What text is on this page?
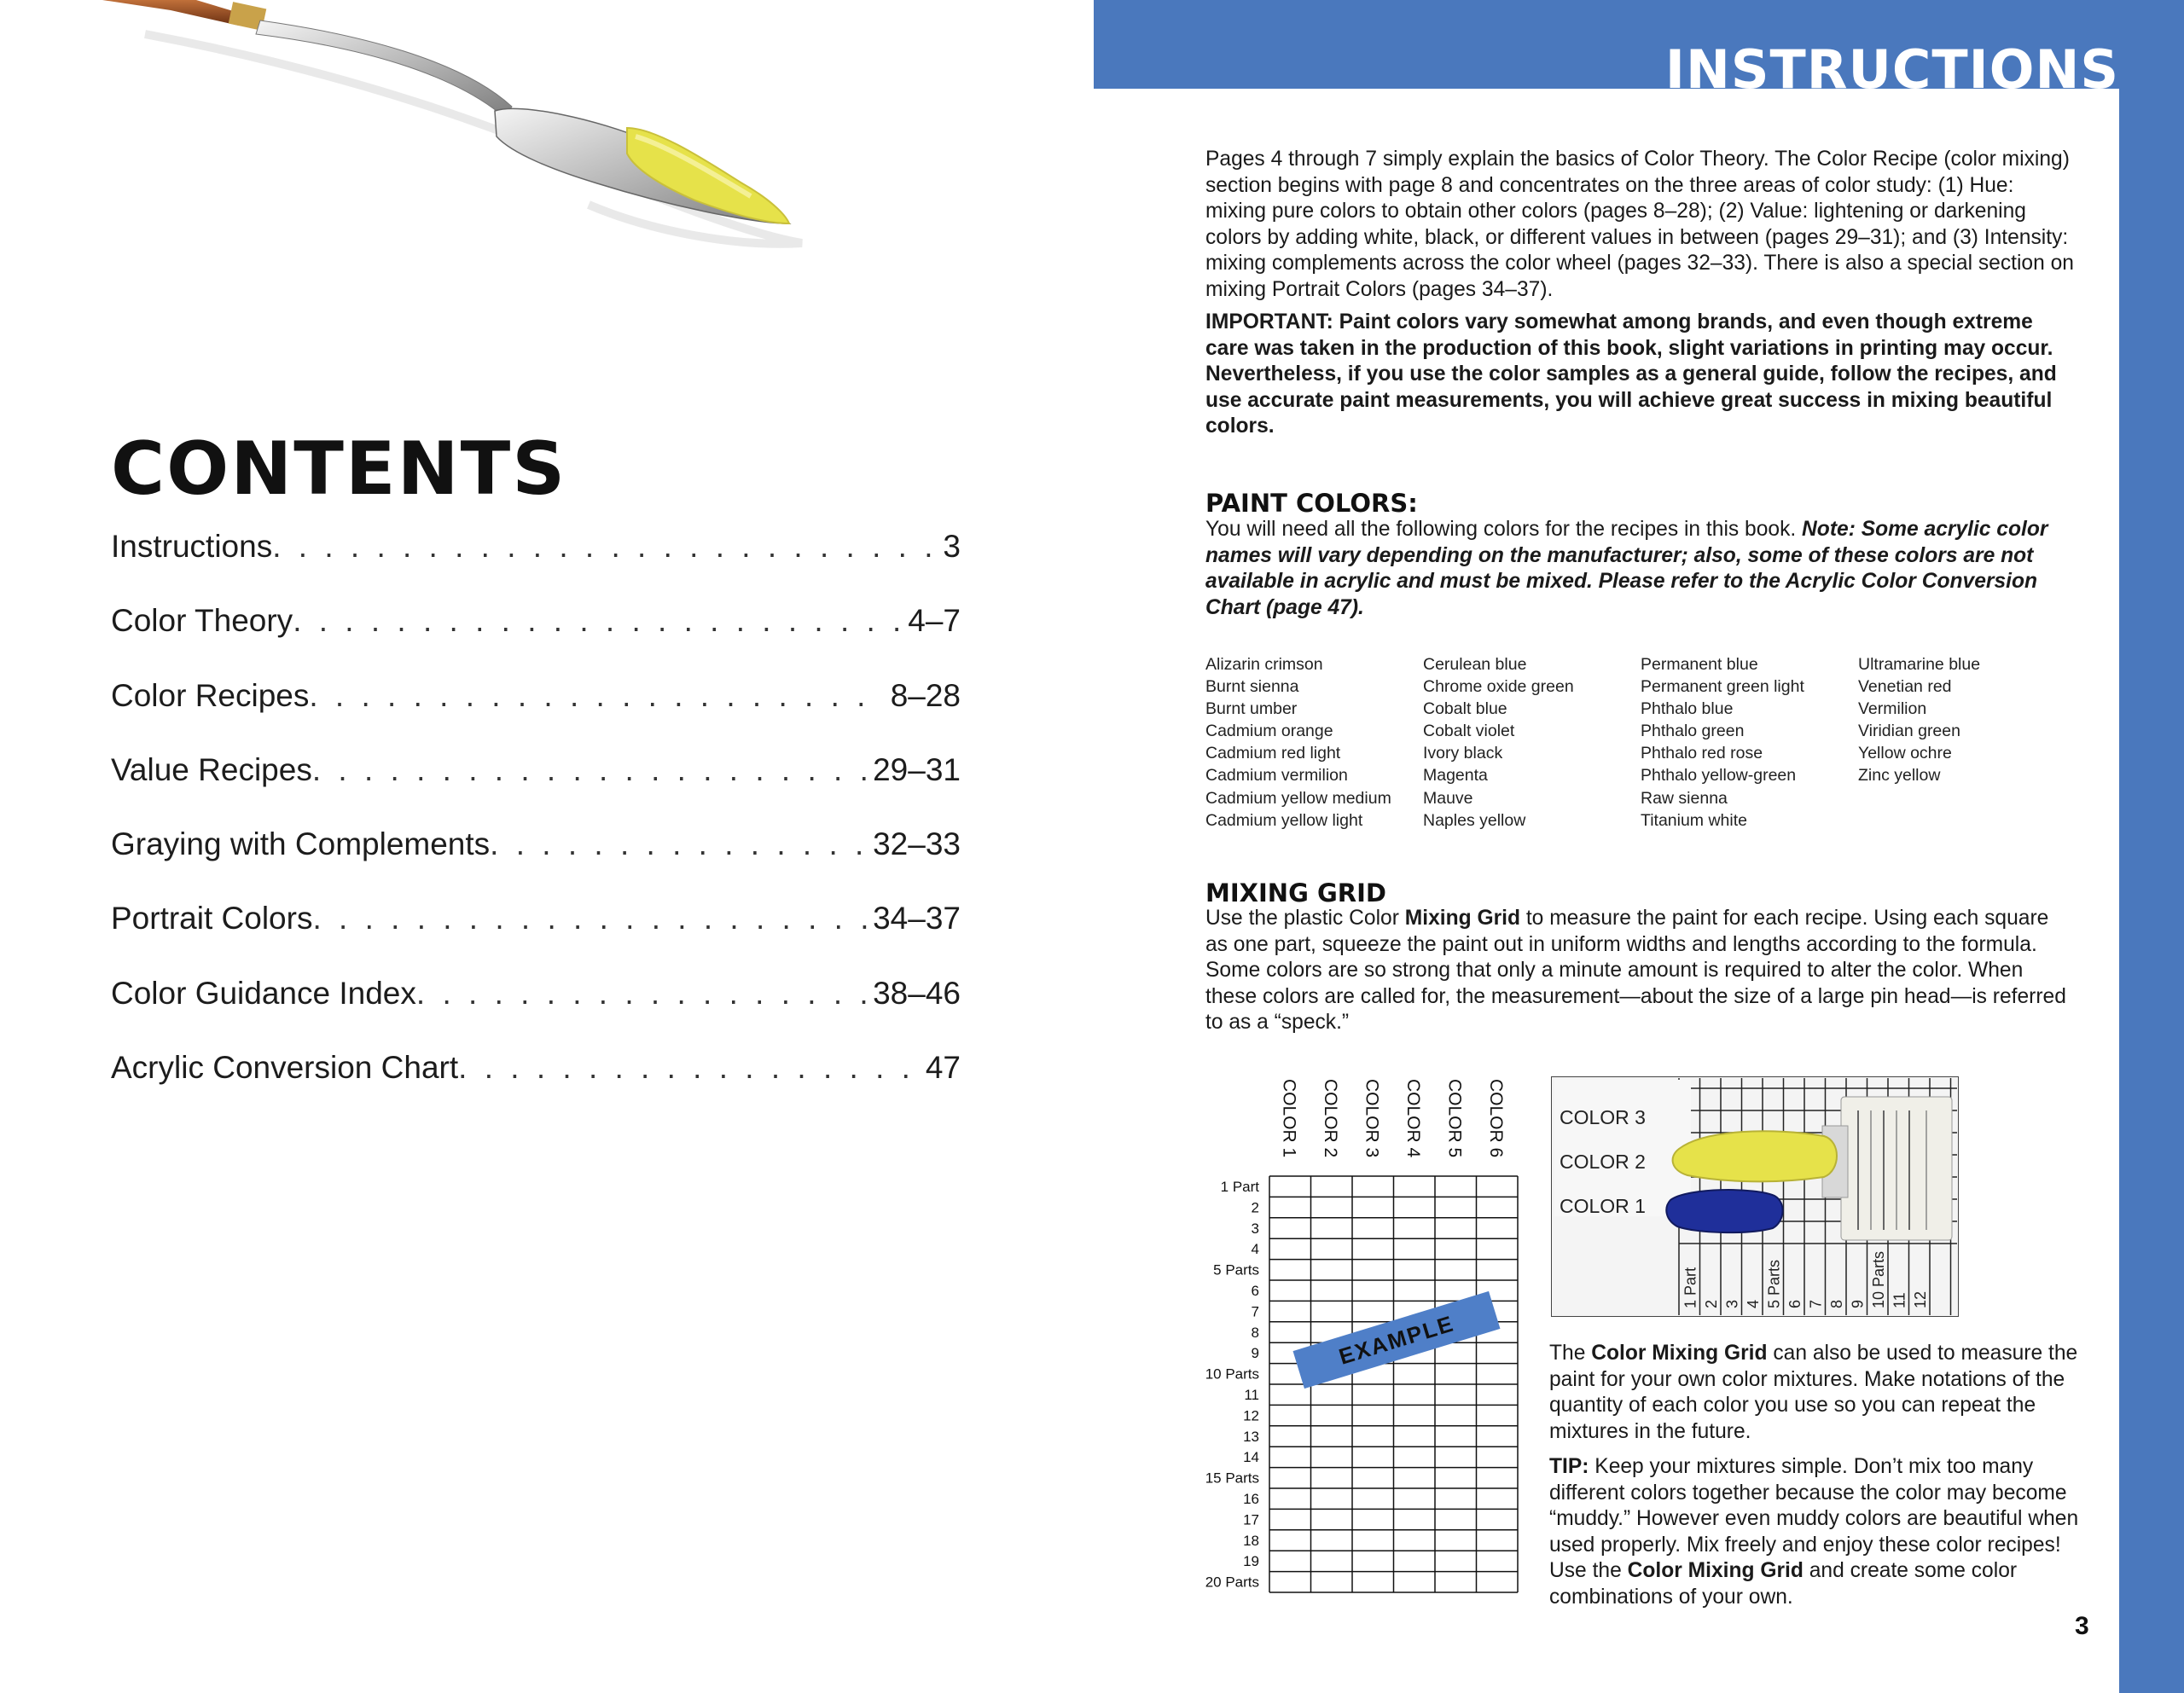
CONTENTS
Instructions . . .	3
Color Theory . . .	4–7
Color Recipes . . .	8–28
Value Recipes . . .	29–31
Graying with Complements . . .	32–33
Portrait Colors . . .	34–37
Color Guidance Index . . .	38–46
Acrylic Conversion Chart . . .	47
INSTRUCTIONS

Pages 4 through 7 simply explain the basics of Color Theory. The Color Recipe (color mixing) section begins with page 8 and concentrates on the three areas of color study: (1) Hue: mixing pure colors to obtain other colors (pages 8–28); (2) Value: lightening or darkening colors by adding white, black, or different values in between (pages 29–31); and (3) Intensity: mixing complements across the color wheel (pages 32–33). There is also a special section on mixing Portrait Colors (pages 34–37).

IMPORTANT: Paint colors vary somewhat among brands, and even though extreme care was taken in the production of this book, slight variations in printing may occur. Nevertheless, if you use the color samples as a general guide, follow the recipes, and use accurate paint measurements, you will achieve great success in mixing beautiful colors.

PAINT COLORS:

You will need all the following colors for the recipes in this book. Note: Some acrylic color names will vary depending on the manufacturer; also, some of these colors are not available in acrylic and must be mixed. Please refer to the Acrylic Color Conversion Chart (page 47).

Alizarin crimson
Burnt sienna
Burnt umber
Cadmium orange
Cadmium red light
Cadmium vermilion
Cadmium yellow medium
Cadmium yellow light
Cerulean blue
Chrome oxide green
Cobalt blue
Cobalt violet
Ivory black
Magenta
Mauve
Naples yellow
Permanent blue
Permanent green light
Phthalo blue
Phthalo green
Phthalo red rose
Phthalo yellow-green
Raw sienna
Titanium white
Ultramarine blue
Venetian red
Vermilion
Viridian green
Yellow ochre
Zinc yellow
MIXING GRID

Use the plastic Color Mixing Grid to measure the paint for each recipe. Using each square as one part, squeeze the paint out in uniform widths and lengths according to the formula. Some colors are so strong that only a minute amount is required to alter the color. When these colors are called for, the measurement—about the size of a large pin head—is referred to as a “speck.”

COLOR 1 COLOR 2 COLOR 3 COLOR 4 COLOR 5 COLOR 6
1 Part
2
3
4
5 Parts
6
7
8
9
10 Parts
11
12
13
14
15 Parts
16
17
18
19
20 Parts
EXAMPLE
COLOR 3
COLOR 2
COLOR 1
1 Part 2 3 4 5 Parts 6 7 8 9 10 Parts 11 12

The Color Mixing Grid can also be used to measure the paint for your own color mixtures. Make notations of the quantity of each color you use so you can repeat the mixtures in the future.

TIP: Keep your mixtures simple. Don’t mix too many different colors together because the color may become “muddy.” However even muddy colors are beautiful when used properly. Mix freely and enjoy these color recipes! Use the Color Mixing Grid and create some color combinations of your own.

3
